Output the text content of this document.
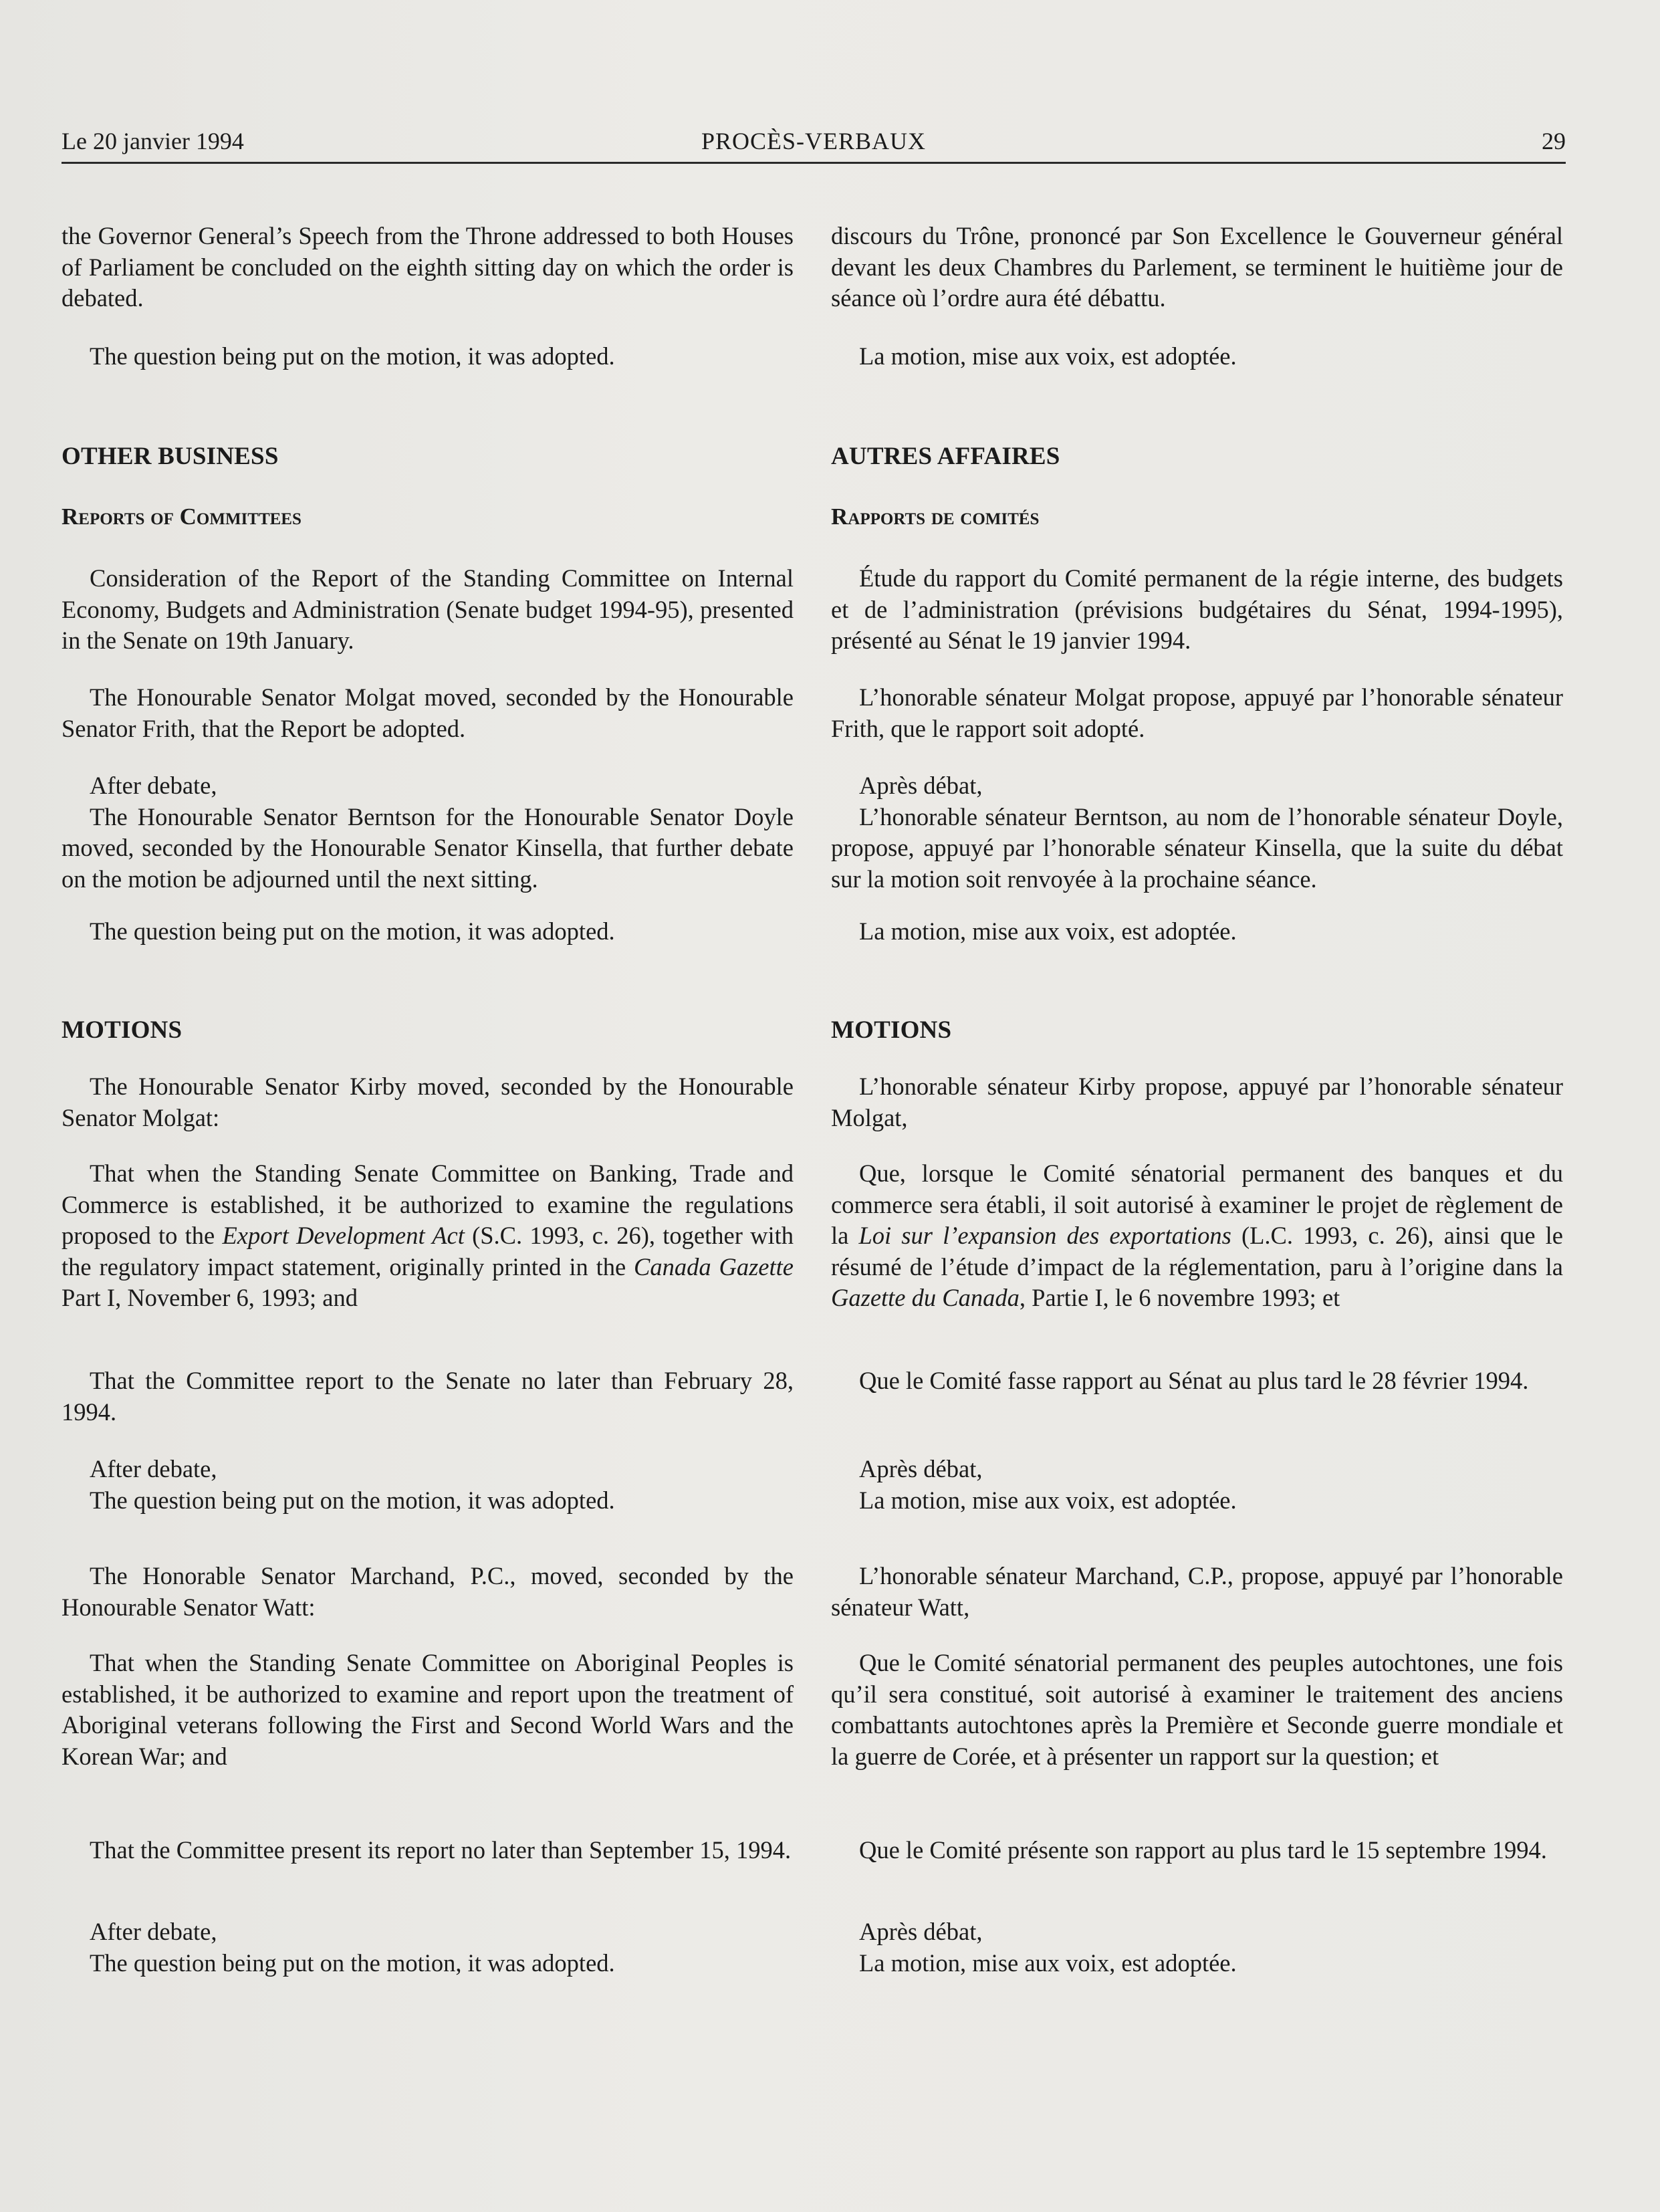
Le 20 janvier 1994	PROCÈS-VERBAUX	29

the Governor General’s Speech from the Throne addressed to both Houses of Parliament be concluded on the eighth sitting day on which the order is debated.

The question being put on the motion, it was adopted.

OTHER BUSINESS

Reports of Committees

Consideration of the Report of the Standing Committee on Internal Economy, Budgets and Administration (Senate budget 1994-95), presented in the Senate on 19th January.

The Honourable Senator Molgat moved, seconded by the Honourable Senator Frith, that the Report be adopted.

After debate,
The Honourable Senator Berntson for the Honourable Senator Doyle moved, seconded by the Honourable Senator Kinsella, that further debate on the motion be adjourned until the next sitting.

The question being put on the motion, it was adopted.

MOTIONS

The Honourable Senator Kirby moved, seconded by the Honourable Senator Molgat:

That when the Standing Senate Committee on Banking, Trade and Commerce is established, it be authorized to examine the regulations proposed to the Export Development Act (S.C. 1993, c. 26), together with the regulatory impact statement, originally printed in the Canada Gazette Part I, November 6, 1993; and

That the Committee report to the Senate no later than February 28, 1994.

After debate,
The question being put on the motion, it was adopted.

The Honorable Senator Marchand, P.C., moved, seconded by the Honourable Senator Watt:

That when the Standing Senate Committee on Aboriginal Peoples is established, it be authorized to examine and report upon the treatment of Aboriginal veterans following the First and Second World Wars and the Korean War; and

That the Committee present its report no later than September 15, 1994.

After debate,
The question being put on the motion, it was adopted.

discours du Trône, prononcé par Son Excellence le Gouverneur général devant les deux Chambres du Parlement, se terminent le huitième jour de séance où l’ordre aura été débattu.

La motion, mise aux voix, est adoptée.

AUTRES AFFAIRES

Rapports de comités

Étude du rapport du Comité permanent de la régie interne, des budgets et de l’administration (prévisions budgétaires du Sénat, 1994-1995), présenté au Sénat le 19 janvier 1994.

L’honorable sénateur Molgat propose, appuyé par l’honorable sénateur Frith, que le rapport soit adopté.

Après débat,
L’honorable sénateur Berntson, au nom de l’honorable sénateur Doyle, propose, appuyé par l’honorable sénateur Kinsella, que la suite du débat sur la motion soit renvoyée à la prochaine séance.

La motion, mise aux voix, est adoptée.

MOTIONS

L’honorable sénateur Kirby propose, appuyé par l’honorable sénateur Molgat,

Que, lorsque le Comité sénatorial permanent des banques et du commerce sera établi, il soit autorisé à examiner le projet de règlement de la Loi sur l’expansion des exportations (L.C. 1993, c. 26), ainsi que le résumé de l’étude d’impact de la réglementation, paru à l’origine dans la Gazette du Canada, Partie I, le 6 novembre 1993; et

Que le Comité fasse rapport au Sénat au plus tard le 28 février 1994.

Après débat,
La motion, mise aux voix, est adoptée.

L’honorable sénateur Marchand, C.P., propose, appuyé par l’honorable sénateur Watt,

Que le Comité sénatorial permanent des peuples autochtones, une fois qu’il sera constitué, soit autorisé à examiner le traitement des anciens combattants autochtones après la Première et Seconde guerre mondiale et la guerre de Corée, et à présenter un rapport sur la question; et

Que le Comité présente son rapport au plus tard le 15 septembre 1994.

Après débat,
La motion, mise aux voix, est adoptée.
